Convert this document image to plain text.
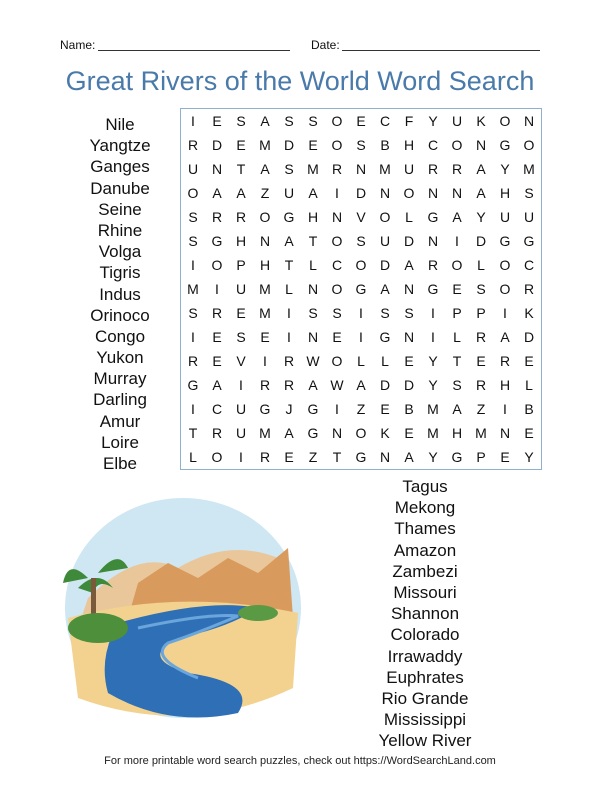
Name:	Date:
Great Rivers of the World Word Search
I	E	S	A	S	S O E	C	F	Y	U	K O N
R D	E M D	E O S	B	H C O N G O
U N	T	A	S M R N M U R R	A	Y M
O A	A	Z	U	A	I	D N O N N	A	H	S
S	R R O G H N	V O	L	G A	Y	U U
S G H N	A	T	O S	U D N	I	D G G
I	O P	H	T	L	C O D	A	R O	L	O C
M	I	U M	L	N O G A	N G E	S O R
S	R	E M	I	S	S	I	S	S	I	P	P	I	K
I	E	S	E	I	N	E	I	G N	I	L	R	A	D
R	E	V	I	R W O	L	L	E	Y	T	E	R	E
G A	I	R R	A W A	D D	Y	S	R H	L
I	C U G	J	G	I	Z	E	B M A	Z	I	B
T	R U M A G N O K	E M H M N	E
L	O	I	R	E	Z	T	G N	A	Y G P	E	Y
Nile
Yangtze
Ganges
Danube
Seine
Rhine
Volga
Tigris
Indus
Orinoco
Congo
Yukon
Murray
Darling
Amur
Loire
Elbe
Tagus
Mekong
Thames
Amazon
Zambezi
Missouri
Shannon
Colorado
Irrawaddy
Euphrates
Rio Grande
Mississippi
Yellow River
For more printable word search puzzles, check out https://WordSearchLand.com
